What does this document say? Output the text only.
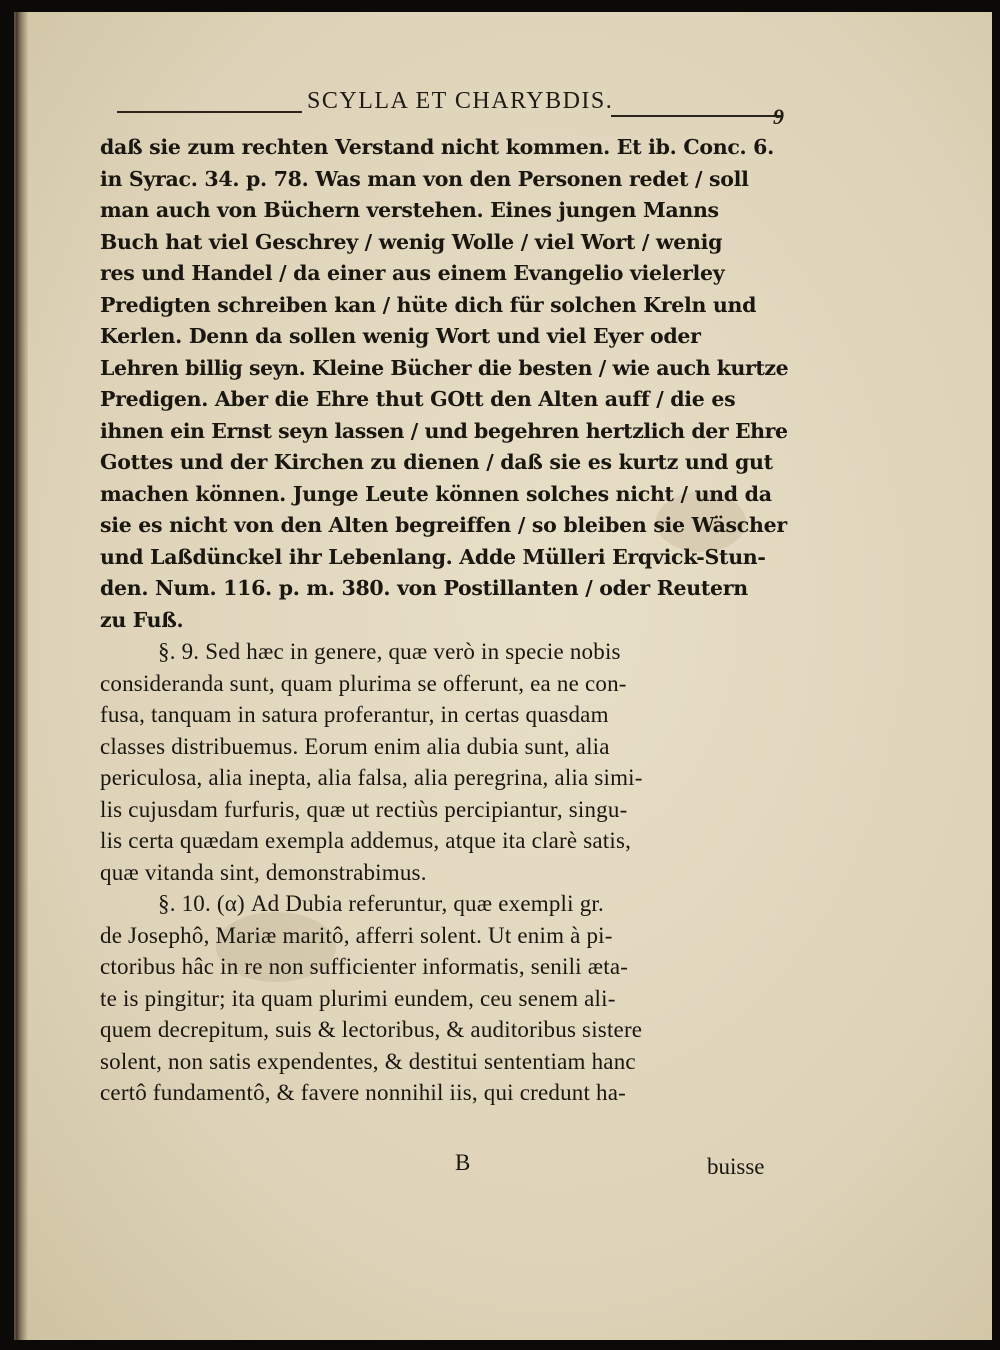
SCYLLA ET CHARYBDIS.
9
daß sie zum rechten Verstand nicht kommen. Et ib. Conc. 6.
in Syrac. 34. p. 78. Was man von den Personen redet / soll
man auch von Büchern verstehen. Eines jungen Manns
Buch hat viel Geschrey / wenig Wolle / viel Wort / wenig
res und Handel / da einer aus einem Evangelio vielerley
Predigten schreiben kan / hüte dich für solchen Kreln und
Kerlen. Denn da sollen wenig Wort und viel Eyer oder
Lehren billig seyn. Kleine Bücher die besten / wie auch kurtze
Predigen. Aber die Ehre thut GOtt den Alten auff / die es
ihnen ein Ernst seyn lassen / und begehren hertzlich der Ehre
Gottes und der Kirchen zu dienen / daß sie es kurtz und gut
machen können. Junge Leute können solches nicht / und da
sie es nicht von den Alten begreiffen / so bleiben sie Wäscher
und Laßdünckel ihr Lebenlang. Adde Mülleri Erqvick-Stun-
den. Num. 116. p. m. 380. von Postillanten / oder Reutern
zu Fuß.
§. 9. Sed hæc in genere, quæ verò in specie nobis
consideranda sunt, quam plurima se offerunt, ea ne con-
fusa, tanquam in satura proferantur, in certas quasdam
classes distribuemus. Eorum enim alia dubia sunt, alia
periculosa, alia inepta, alia falsa, alia peregrina, alia simi-
lis cujusdam furfuris, quæ ut rectiùs percipiantur, singu-
lis certa quædam exempla addemus, atque ita clarè satis,
quæ vitanda sint, demonstrabimus.
§. 10. (α) Ad Dubia referuntur, quæ exempli gr.
de Josephô, Mariæ maritô, afferri solent. Ut enim à pi-
ctoribus hâc in re non sufficienter informatis, senili æta-
te is pingitur; ita quam plurimi eundem, ceu senem ali-
quem decrepitum, suis & lectoribus, & auditoribus sistere
solent, non satis expendentes, & destitui sententiam hanc
certô fundamentô, & favere nonnihil iis, qui credunt ha-
B	buisse
